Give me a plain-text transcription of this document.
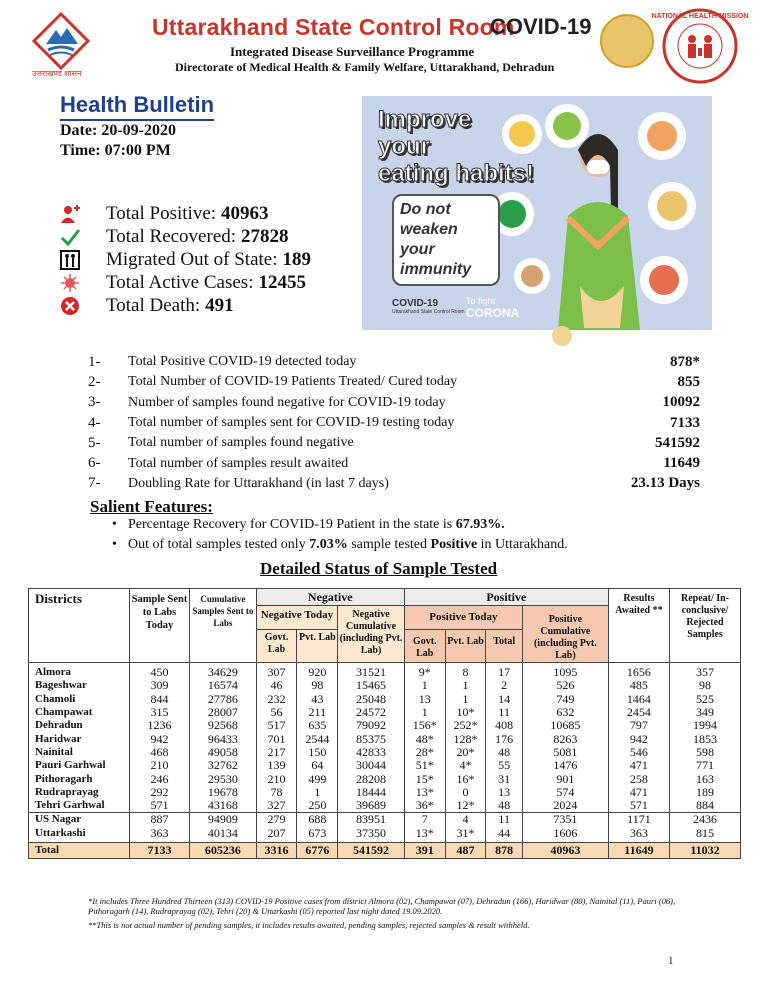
उत्तराखण्ड शासन
Uttarakhand State Control Room
COVID-19
Integrated Disease Surveillance Programme
Directorate of Medical Health & Family Welfare, Uttarakhand, Dehradun
NATIONAL HEALTH MISSION
Health Bulletin
Date: 20-09-2020
Time: 07:00 PM
Total Positive: 40963
Total Recovered: 27828
Migrated Out of State: 189
Total Active Cases: 12455
Total Death: 491
Improve
your
eating habits!
Do not weaken your immunity
COVID-19
Uttarakhand State Control Room
To fight
CORONA
1-	Total Positive COVID-19 detected today	878*
2-	Total Number of COVID-19 Patients Treated/ Cured today	855
3-	Number of samples found negative for COVID-19 today	10092
4-	Total number of samples sent for COVID-19 testing today	7133
5-	Total number of samples found negative	541592
6-	Total number of samples result awaited	11649
7-	Doubling Rate for Uttarakhand (in last 7 days)	23.13 Days
Salient Features:
• Percentage Recovery for COVID-19 Patient in the state is 67.93%.
• Out of total samples tested only 7.03% sample tested Positive in Uttarakhand.
Detailed Status of Sample Tested
Districts	Sample Sent to Labs Today	Cumulative Samples Sent to Labs	Negative			Positive				Results Awaited **	Repeat/ In-conclusive/ Rejected Samples
			Negative Today		Negative Cumulative (including Pvt. Lab)	Positive Today			Positive Cumulative (including Pvt. Lab)		
			Govt. Lab	Pvt. Lab		Govt. Lab	Pvt. Lab	Total			
Almora	450	34629	307	920	31521	9*	8	17	1095	1656	357
Bageshwar	309	16574	46	98	15465	1	1	2	526	485	98
Chamoli	844	27786	232	43	25048	13	1	14	749	1464	525
Champawat	315	28007	56	211	24572	1	10*	11	632	2454	349
Dehradun	1236	92568	517	635	79092	156*	252*	408	10685	797	1994
Haridwar	942	96433	701	2544	85375	48*	128*	176	8263	942	1853
Nainital	468	49058	217	150	42833	28*	20*	48	5081	546	598
Pauri Garhwal	210	32762	139	64	30044	51*	4*	55	1476	471	771
Pithoragarh	246	29530	210	499	28208	15*	16*	31	901	258	163
Rudraprayag	292	19678	78	1	18444	13*	0	13	574	471	189
Tehri Garhwal	571	43168	327	250	39689	36*	12*	48	2024	571	884
US Nagar	887	94909	279	688	83951	7	4	11	7351	1171	2436
Uttarkashi	363	40134	207	673	37350	13*	31*	44	1606	363	815
Total	7133	605236	3316	6776	541592	391	487	878	40963	11649	11032
*It includes Three Hundred Thirteen (313) COVID-19 Positive cases from district Almora (02), Champawat (07), Dehradun (166), Haridwar (80), Nainital (11), Pauri (06), Pithoragarh (14), Rudraprayag (02), Tehri (20) & Uttarkashi (05) reported last night dated 19.09.2020.
**This is not actual number of pending samples, it includes results awaited, pending samples, rejected samples & result withheld.
1
